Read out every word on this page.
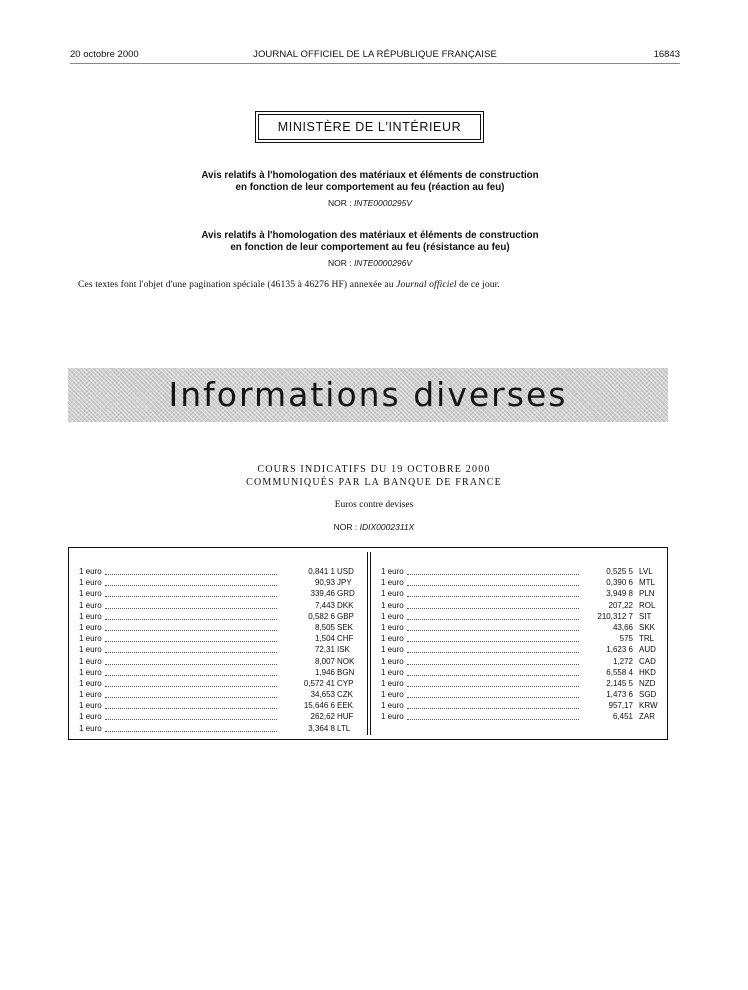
20 octobre 2000	JOURNAL OFFICIEL DE LA RÉPUBLIQUE FRANÇAISE	16843
MINISTÈRE DE L'INTÉRIEUR
Avis relatifs à l'homologation des matériaux et éléments de construction
en fonction de leur comportement au feu (réaction au feu)
NOR : INTE0000295V
Avis relatifs à l'homologation des matériaux et éléments de construction
en fonction de leur comportement au feu (résistance au feu)
NOR : INTE0000296V
Ces textes font l'objet d'une pagination spéciale (46135 à 46276 HF) annexée au Journal officiel de ce jour.
Informations diverses
COURS INDICATIFS DU 19 OCTOBRE 2000
COMMUNIQUÉS PAR LA BANQUE DE FRANCE
Euros contre devises
NOR : IDIX0002311X
1 euro	0,841 1 USD
1 euro	90,93 JPY
1 euro	339,46 GRD
1 euro	7,443 DKK
1 euro	0,582 6 GBP
1 euro	8,505 SEK
1 euro	1,504 CHF
1 euro	72,31 ISK
1 euro	8,007 NOK
1 euro	1,946 BGN
1 euro	0,572 41 CYP
1 euro	34,653 CZK
1 euro	15,646 6 EEK
1 euro	262,62 HUF
1 euro	3,364 8 LTL
1 euro	0,525 5 LVL
1 euro	0,390 6 MTL
1 euro	3,949 8 PLN
1 euro	207,22 ROL
1 euro	210,312 7 SIT
1 euro	43,66 SKK
1 euro	575 TRL
1 euro	1,623 6 AUD
1 euro	1,272 CAD
1 euro	6,558 4 HKD
1 euro	2,145 5 NZD
1 euro	1,473 6 SGD
1 euro	957,17 KRW
1 euro	6,451 ZAR
